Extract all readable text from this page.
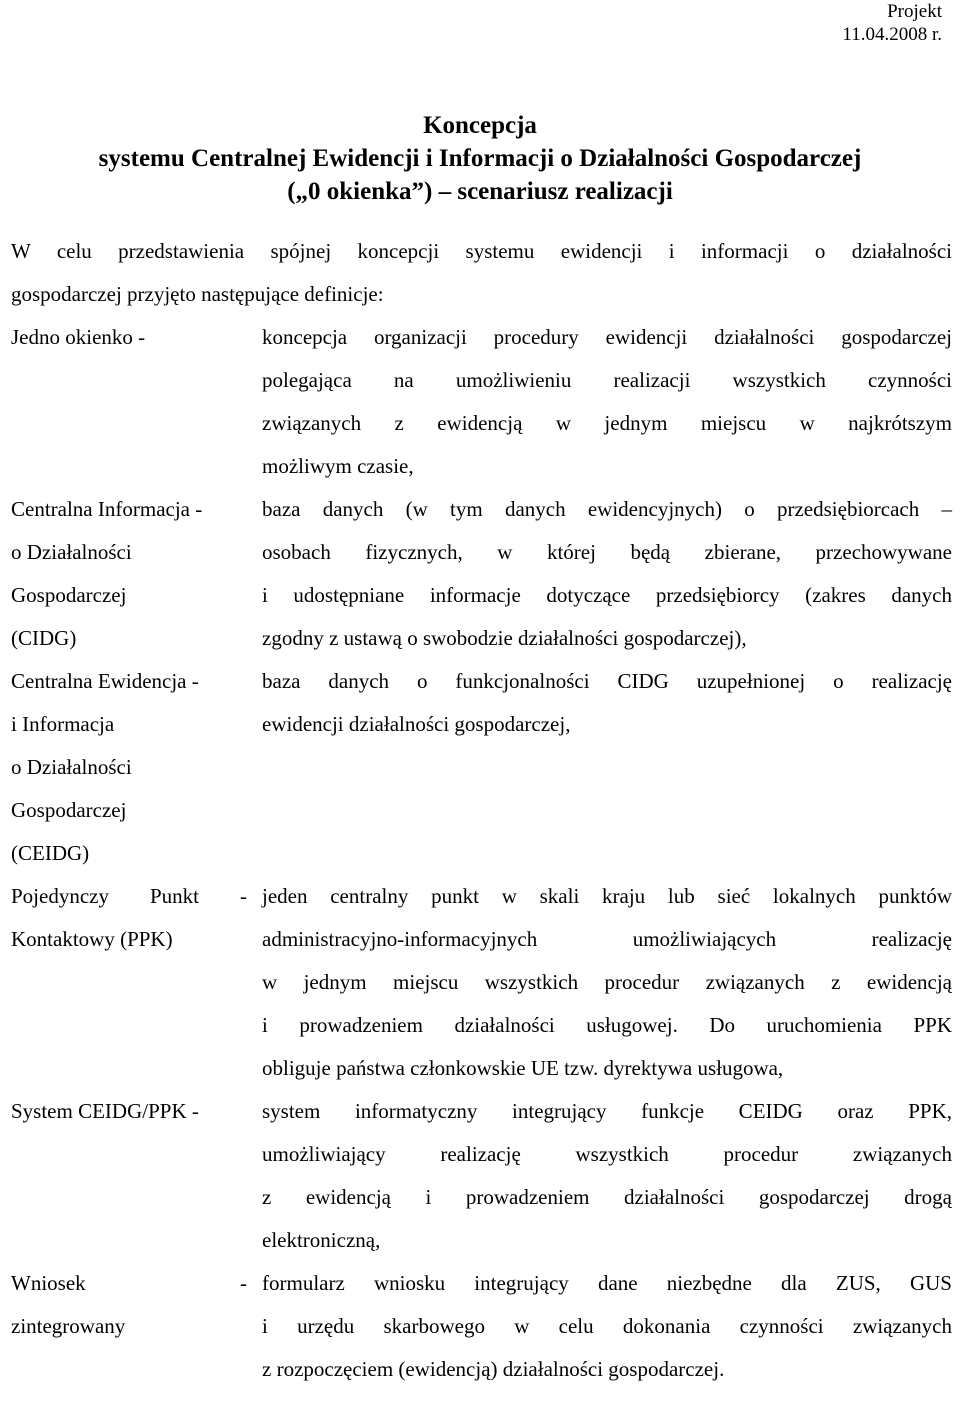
Projekt
11.04.2008 r.
Koncepcja
systemu Centralnej Ewidencji i Informacji o Działalności Gospodarczej
(„0 okienka”) – scenariusz realizacji
W celu przedstawienia spójnej koncepcji systemu ewidencji i informacji o działalności
gospodarczej przyjęto następujące definicje:
Jedno okienko -	koncepcja organizacji procedury ewidencji działalności gospodarczej
polegająca na umożliwieniu realizacji wszystkich czynności
związanych z ewidencją w jednym miejscu w najkrótszym
możliwym czasie,
Centralna Informacja -
o Działalności
Gospodarczej
(CIDG)
baza danych (w tym danych ewidencyjnych) o przedsiębiorcach –
osobach fizycznych, w której będą zbierane, przechowywane
i udostępniane informacje dotyczące przedsiębiorcy (zakres danych
zgodny z ustawą o swobodzie działalności gospodarczej),
Centralna Ewidencja -
i Informacja
o Działalności
Gospodarczej
(CEIDG)
baza danych o funkcjonalności CIDG uzupełnionej o realizację
ewidencji działalności gospodarczej,
Pojedynczy Punkt -
Kontaktowy (PPK)
jeden centralny punkt w skali kraju lub sieć lokalnych punktów
administracyjno-informacyjnych umożliwiających realizację
w jednym miejscu wszystkich procedur związanych z ewidencją
i prowadzeniem działalności usługowej. Do uruchomienia PPK
obliguje państwa członkowskie UE tzw. dyrektywa usługowa,
System CEIDG/PPK -	system informatyczny integrujący funkcje CEIDG oraz PPK,
umożliwiający realizację wszystkich procedur związanych
z ewidencją i prowadzeniem działalności gospodarczej drogą
elektroniczną,
Wniosek -
zintegrowany
formularz wniosku integrujący dane niezbędne dla ZUS, GUS
i urzędu skarbowego w celu dokonania czynności związanych
z rozpoczęciem (ewidencją) działalności gospodarczej.
